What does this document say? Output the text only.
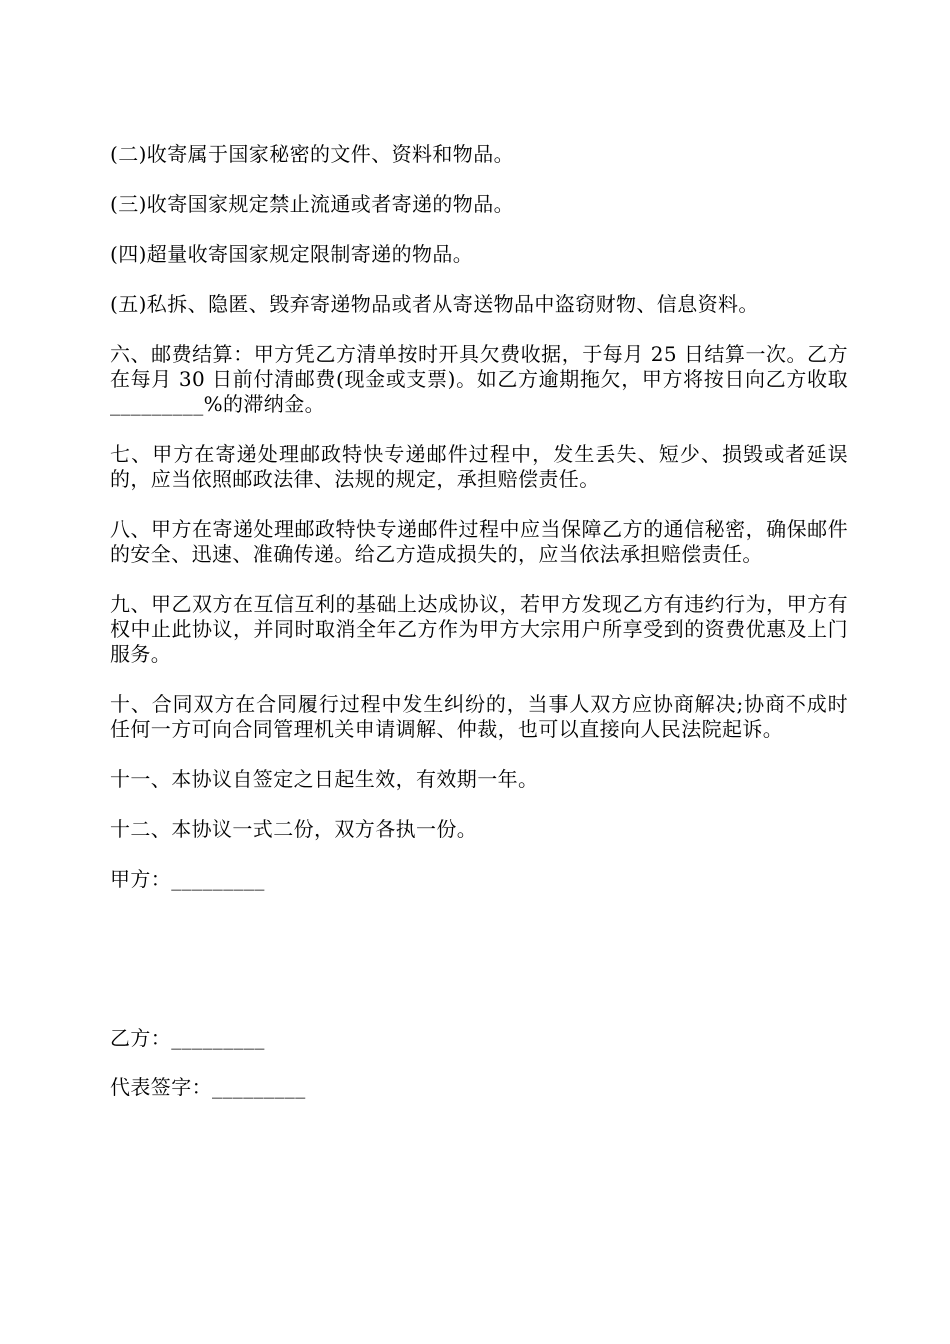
(二)收寄属于国家秘密的文件、资料和物品。

(三)收寄国家规定禁止流通或者寄递的物品。

(四)超量收寄国家规定限制寄递的物品。

(五)私拆、隐匿、毁弃寄递物品或者从寄送物品中盗窃财物、信息资料。

六、邮费结算：甲方凭乙方清单按时开具欠费收据，于每月 25 日结算一次。乙方在每月 30 日前付清邮费(现金或支票)。如乙方逾期拖欠，甲方将按日向乙方收取_________%的滞纳金。

七、甲方在寄递处理邮政特快专递邮件过程中，发生丢失、短少、损毁或者延误的，应当依照邮政法律、法规的规定，承担赔偿责任。

八、甲方在寄递处理邮政特快专递邮件过程中应当保障乙方的通信秘密，确保邮件的安全、迅速、准确传递。给乙方造成损失的，应当依法承担赔偿责任。

九、甲乙双方在互信互利的基础上达成协议，若甲方发现乙方有违约行为，甲方有权中止此协议，并同时取消全年乙方作为甲方大宗用户所享受到的资费优惠及上门服务。

十、合同双方在合同履行过程中发生纠纷的，当事人双方应协商解决;协商不成时任何一方可向合同管理机关申请调解、仲裁，也可以直接向人民法院起诉。

十一、本协议自签定之日起生效，有效期一年。

十二、本协议一式二份，双方各执一份。

甲方：_________

乙方：_________

代表签字：_________
